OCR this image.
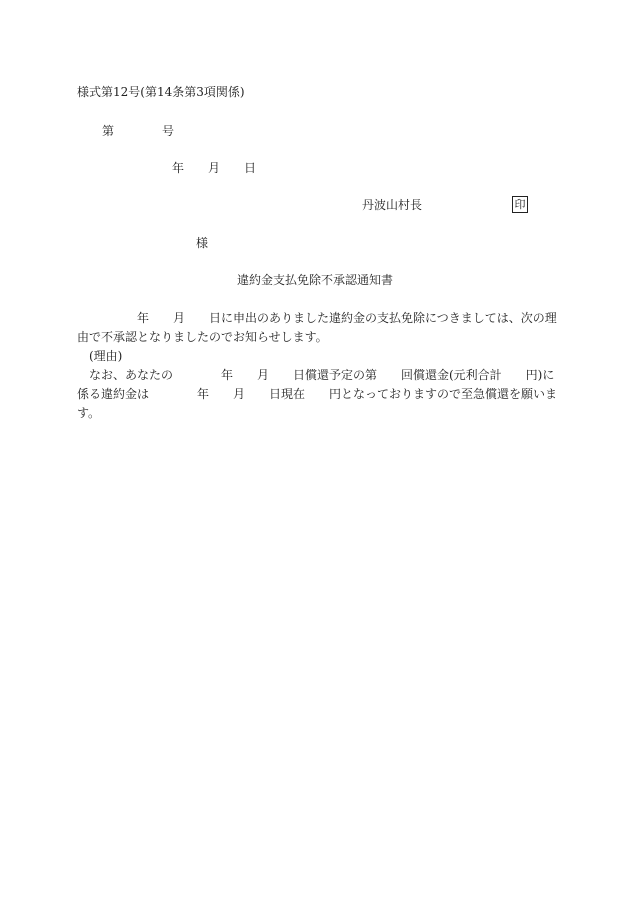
様式第12号(第14条第3項関係)
第　　　　号
年　　月　　日
丹波山村長	印
様
違約金支払免除不承認通知書
　　　　　年　　月　　日に申出のありました違約金の支払免除につきましては、次の理
由で不承認となりましたのでお知らせします。
　(理由)
　なお、あなたの　　　　年　　月　　日償還予定の第　　回償還金(元利合計　　円)に
係る違約金は　　　　年　　月　　日現在　　円となっておりますので至急償還を願いま
す。
